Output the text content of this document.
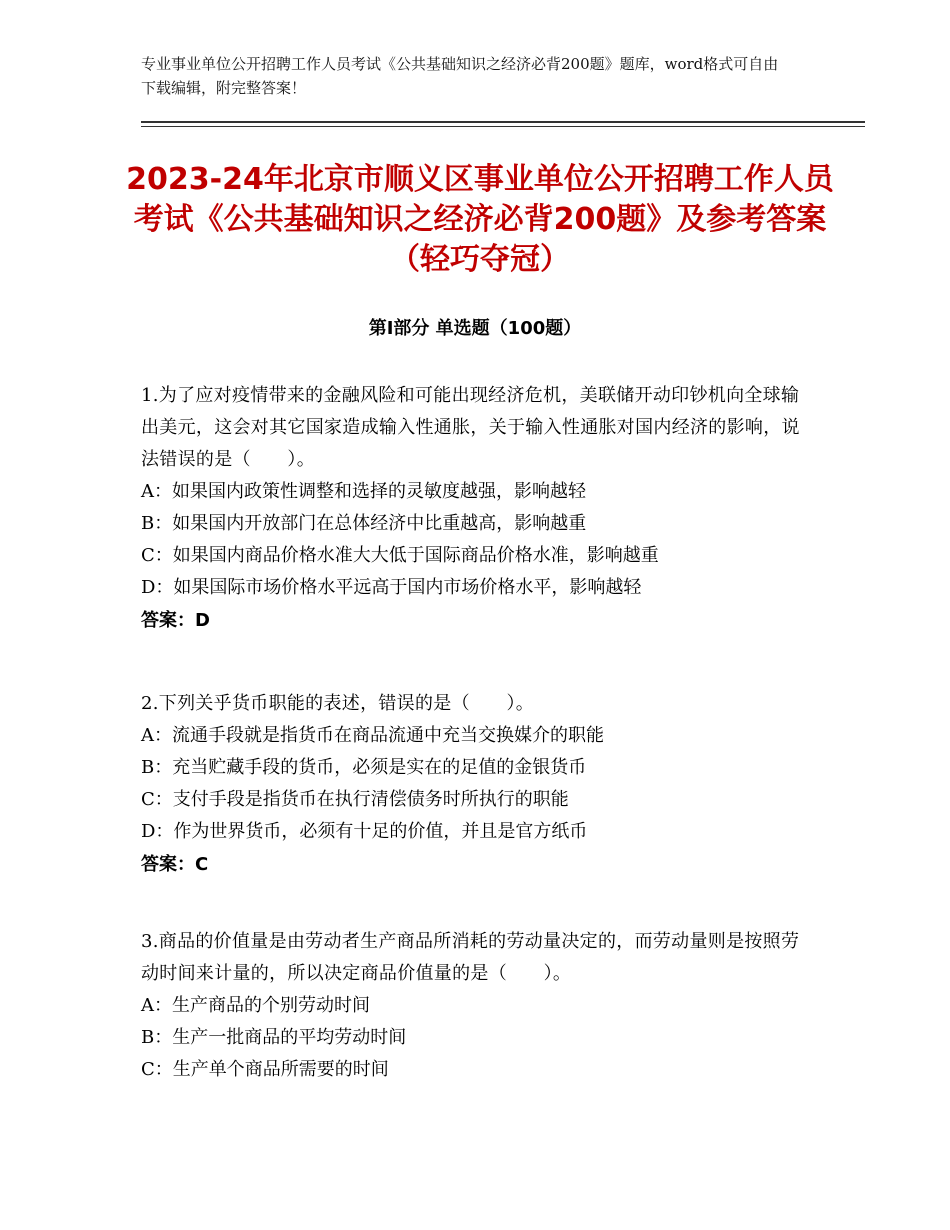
专业事业单位公开招聘工作人员考试《公共基础知识之经济必背200题》题库，word格式可自由下载编辑，附完整答案！
2023-24年北京市顺义区事业单位公开招聘工作人员考试《公共基础知识之经济必背200题》及参考答案（轻巧夺冠）
第Ⅰ部分 单选题（100题）
1.为了应对疫情带来的金融风险和可能出现经济危机，美联储开动印钞机向全球输出美元，这会对其它国家造成输入性通胀，关于输入性通胀对国内经济的影响，说法错误的是（　　）。
A：如果国内政策性调整和选择的灵敏度越强，影响越轻
B：如果国内开放部门在总体经济中比重越高，影响越重
C：如果国内商品价格水准大大低于国际商品价格水准，影响越重
D：如果国际市场价格水平远高于国内市场价格水平，影响越轻
答案：D
2.下列关乎货币职能的表述，错误的是（　　）。
A：流通手段就是指货币在商品流通中充当交换媒介的职能
B：充当贮藏手段的货币，必须是实在的足值的金银货币
C：支付手段是指货币在执行清偿债务时所执行的职能
D：作为世界货币，必须有十足的价值，并且是官方纸币
答案：C
3.商品的价值量是由劳动者生产商品所消耗的劳动量决定的，而劳动量则是按照劳动时间来计量的，所以决定商品价值量的是（　　）。
A：生产商品的个别劳动时间
B：生产一批商品的平均劳动时间
C：生产单个商品所需要的时间
